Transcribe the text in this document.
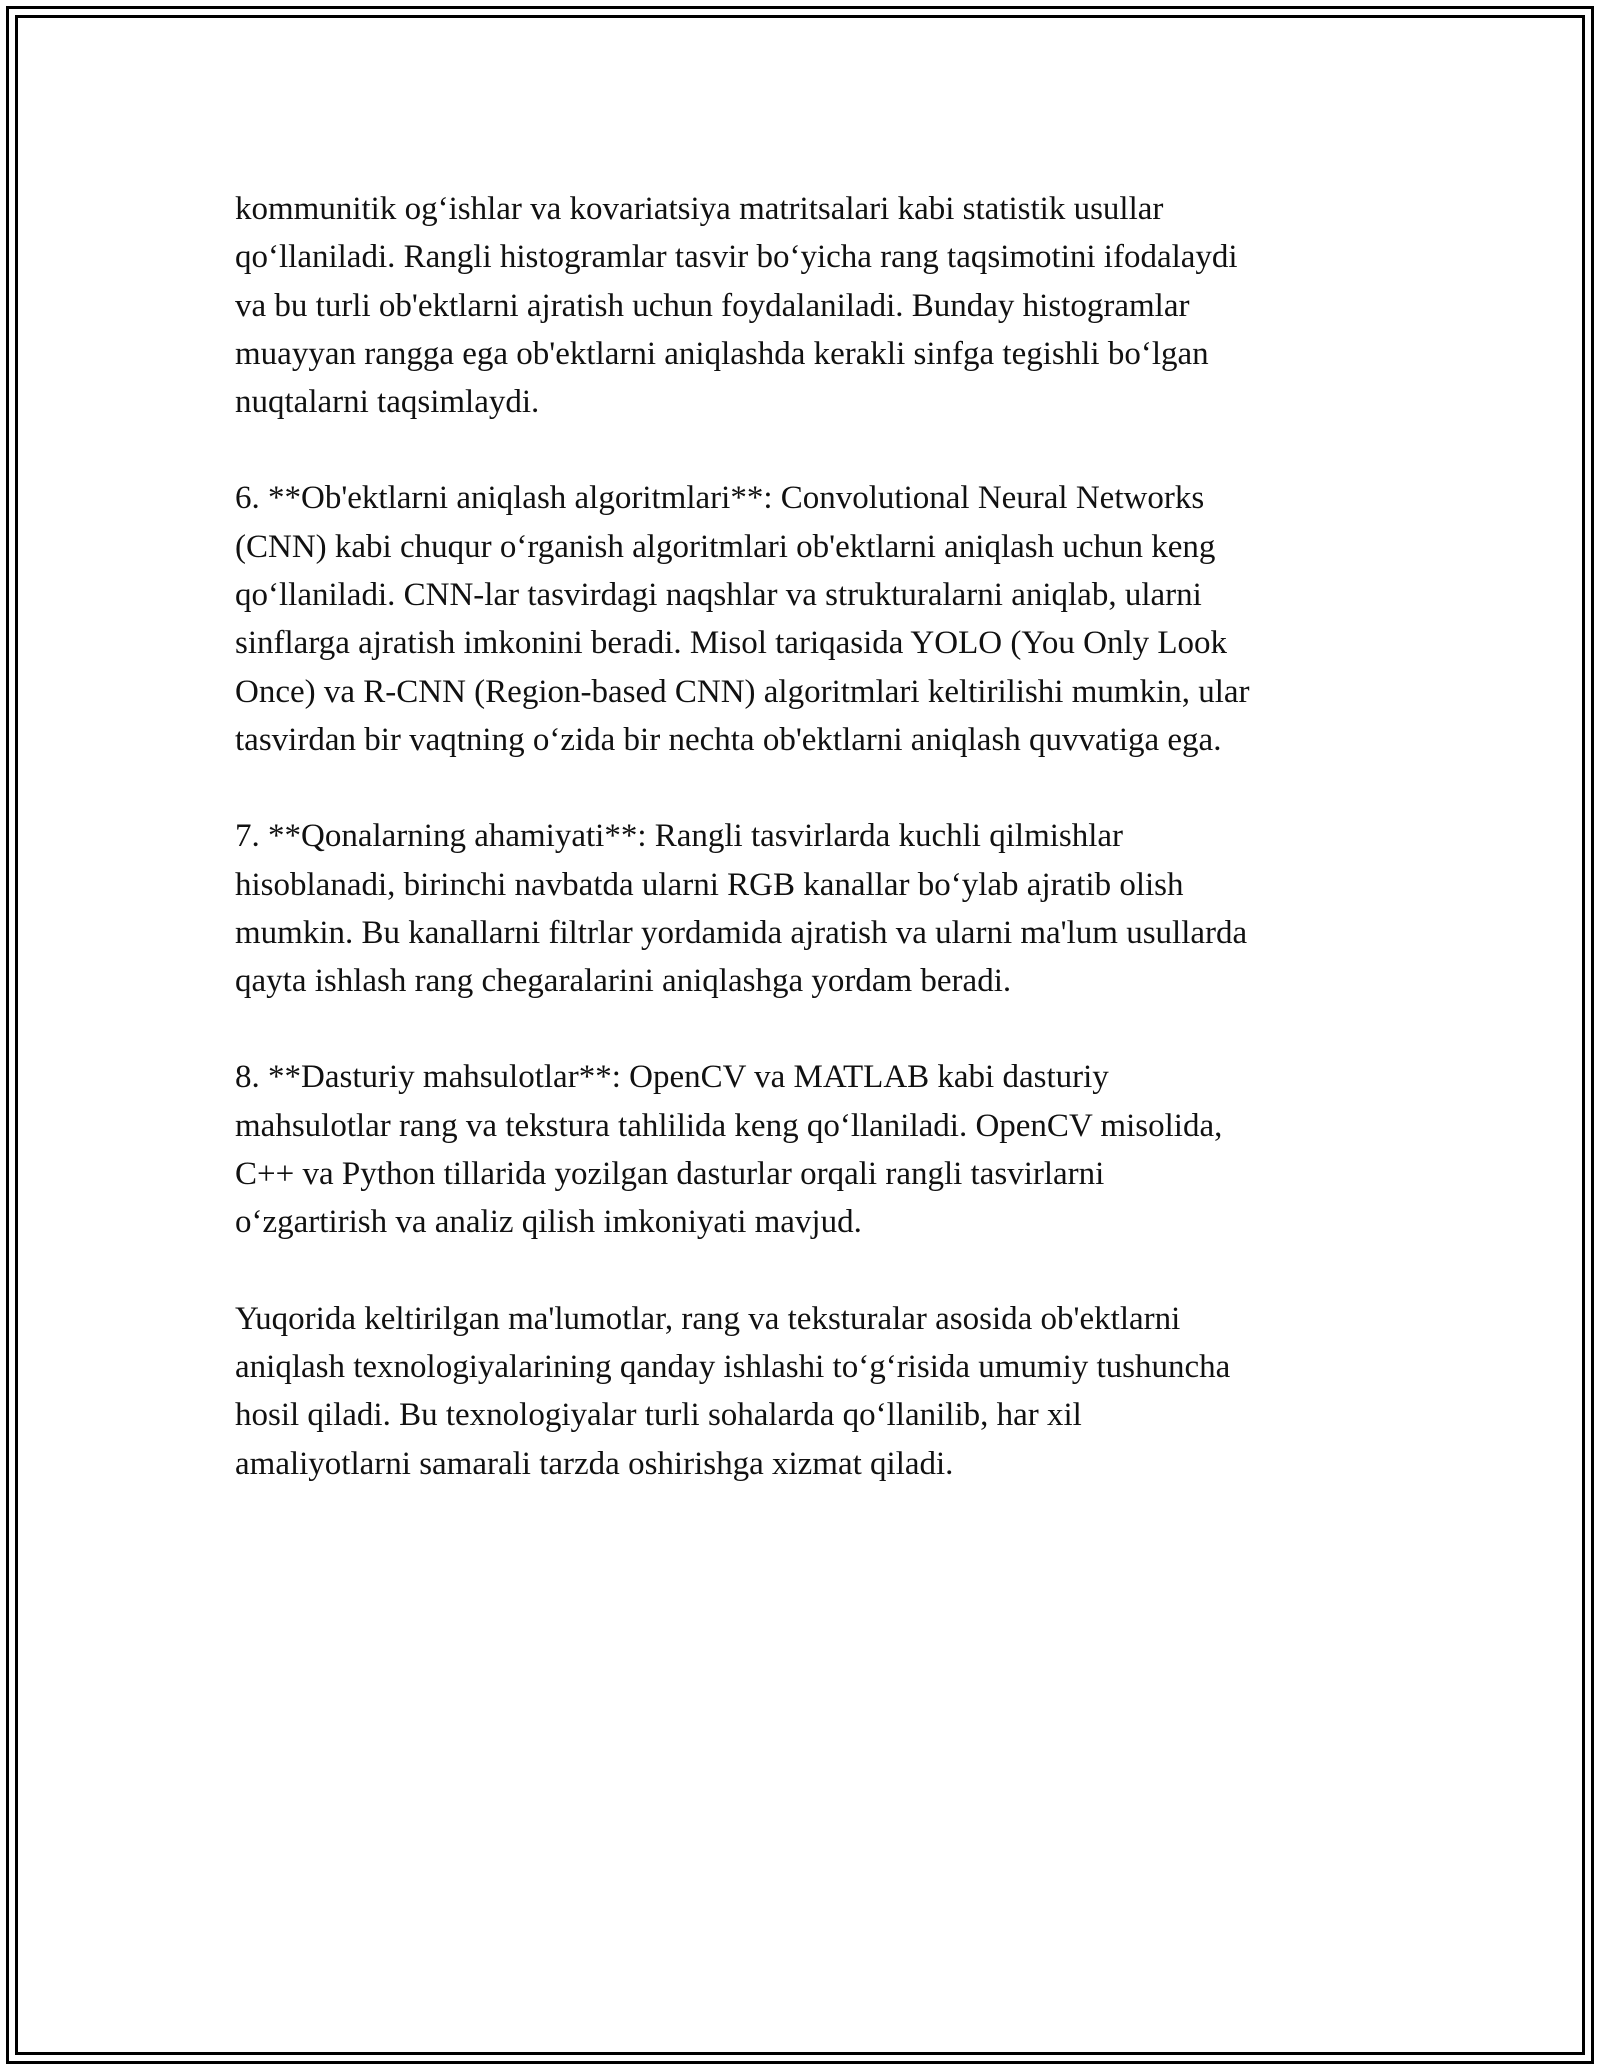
kommunitik og‘ishlar va kovariatsiya matritsalari kabi statistik usullar
qo‘llaniladi. Rangli histogramlar tasvir bo‘yicha rang taqsimotini ifodalaydi
va bu turli ob'ektlarni ajratish uchun foydalaniladi. Bunday histogramlar
muayyan rangga ega ob'ektlarni aniqlashda kerakli sinfga tegishli bo‘lgan
nuqtalarni taqsimlaydi.

6. **Ob'ektlarni aniqlash algoritmlari**: Convolutional Neural Networks
(CNN) kabi chuqur o‘rganish algoritmlari ob'ektlarni aniqlash uchun keng
qo‘llaniladi. CNN-lar tasvirdagi naqshlar va strukturalarni aniqlab, ularni
sinflarga ajratish imkonini beradi. Misol tariqasida YOLO (You Only Look
Once) va R-CNN (Region-based CNN) algoritmlari keltirilishi mumkin, ular
tasvirdan bir vaqtning o‘zida bir nechta ob'ektlarni aniqlash quvvatiga ega.

7. **Qonalarning ahamiyati**: Rangli tasvirlarda kuchli qilmishlar
hisoblanadi, birinchi navbatda ularni RGB kanallar bo‘ylab ajratib olish
mumkin. Bu kanallarni filtrlar yordamida ajratish va ularni ma'lum usullarda
qayta ishlash rang chegaralarini aniqlashga yordam beradi.

8. **Dasturiy mahsulotlar**: OpenCV va MATLAB kabi dasturiy
mahsulotlar rang va tekstura tahlilida keng qo‘llaniladi. OpenCV misolida,
C++ va Python tillarida yozilgan dasturlar orqali rangli tasvirlarni
o‘zgartirish va analiz qilish imkoniyati mavjud.

Yuqorida keltirilgan ma'lumotlar, rang va teksturalar asosida ob'ektlarni
aniqlash texnologiyalarining qanday ishlashi to‘g‘risida umumiy tushuncha
hosil qiladi. Bu texnologiyalar turli sohalarda qo‘llanilib, har xil
amaliyotlarni samarali tarzda oshirishga xizmat qiladi.
